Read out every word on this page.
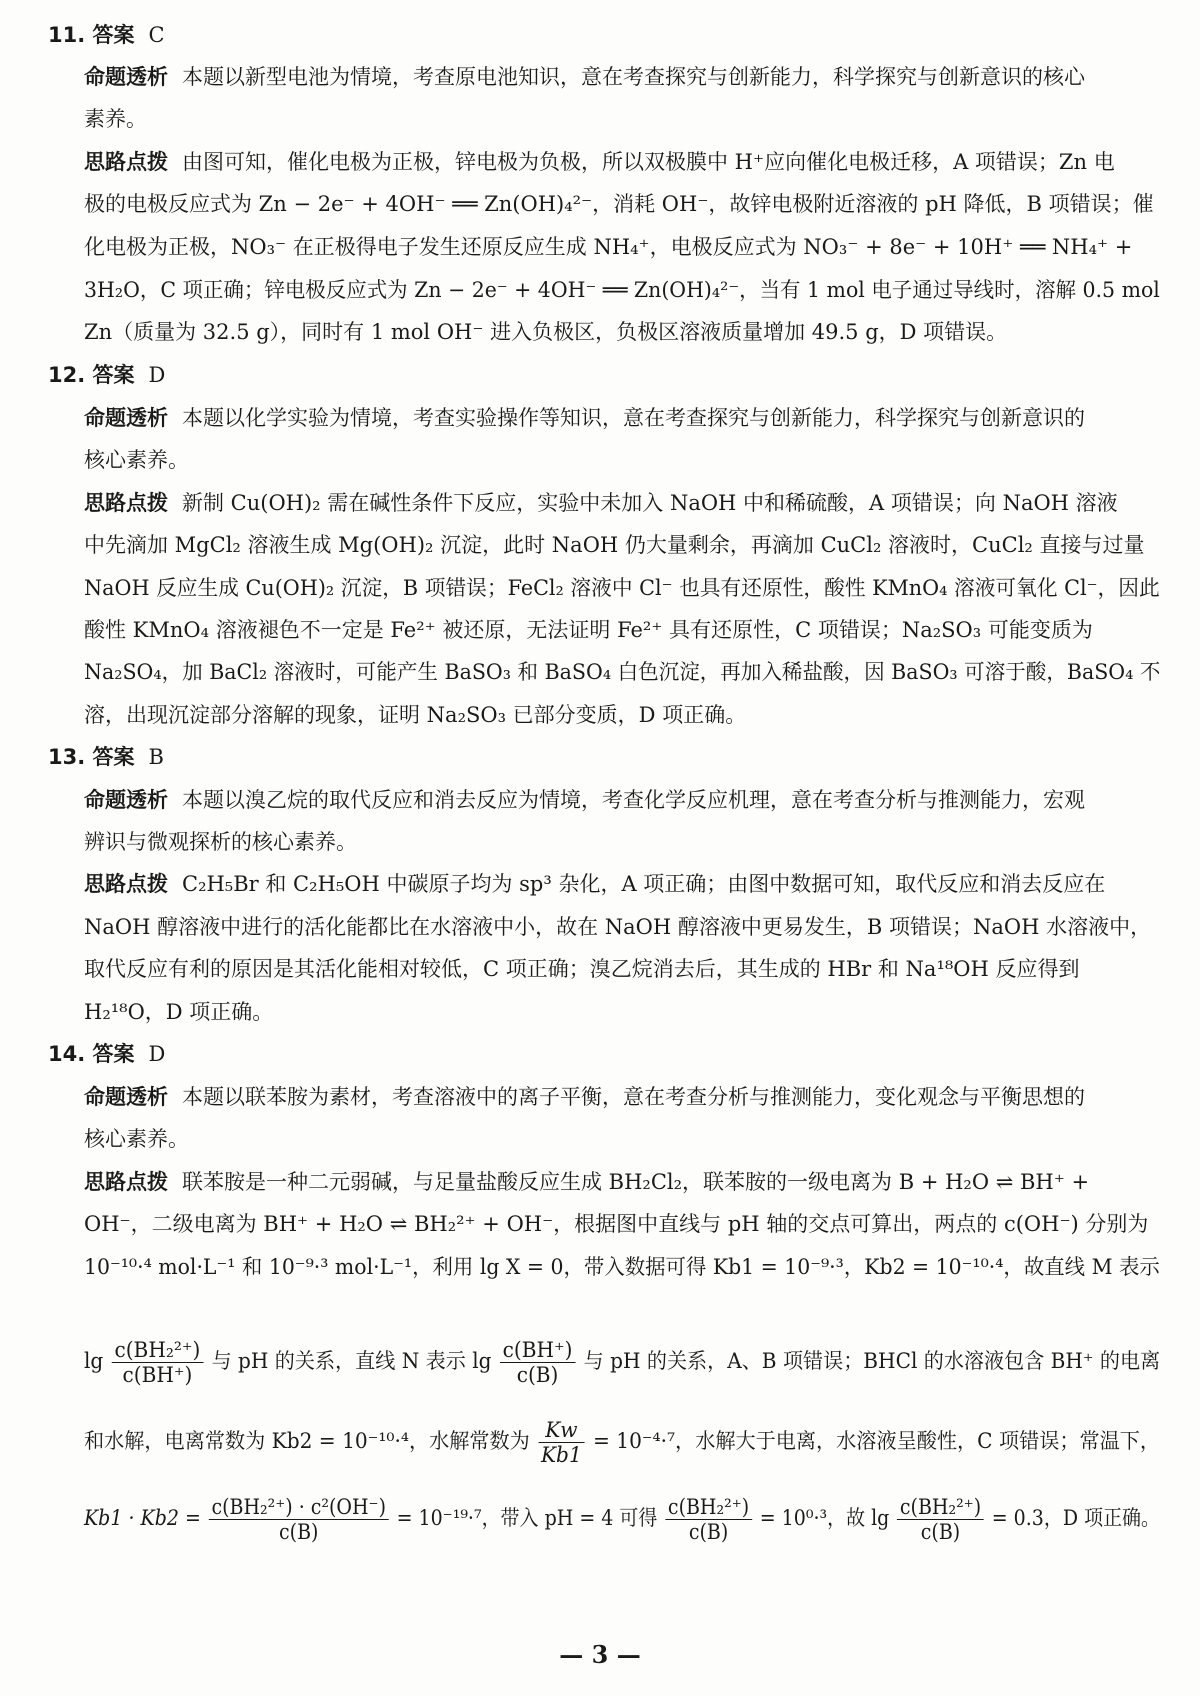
11. 答案 C
命题透析 本题以新型电池为情境，考查原电池知识，意在考查探究与创新能力，科学探究与创新意识的核心
素养。
思路点拨 由图可知，催化电极为正极，锌电极为负极，所以双极膜中 H⁺应向催化电极迁移，A 项错误；Zn 电
极的电极反应式为 Zn − 2e⁻ + 4OH⁻ ══ Zn(OH)₄²⁻，消耗 OH⁻，故锌电极附近溶液的 pH 降低，B 项错误；催
化电极为正极，NO₃⁻ 在正极得电子发生还原反应生成 NH₄⁺，电极反应式为 NO₃⁻ + 8e⁻ + 10H⁺ ══ NH₄⁺ +
3H₂O，C 项正确；锌电极反应式为 Zn − 2e⁻ + 4OH⁻ ══ Zn(OH)₄²⁻，当有 1 mol 电子通过导线时，溶解 0.5 mol
Zn（质量为 32.5 g），同时有 1 mol OH⁻ 进入负极区，负极区溶液质量增加 49.5 g，D 项错误。
12. 答案 D
命题透析 本题以化学实验为情境，考查实验操作等知识，意在考查探究与创新能力，科学探究与创新意识的
核心素养。
思路点拨 新制 Cu(OH)₂ 需在碱性条件下反应，实验中未加入 NaOH 中和稀硫酸，A 项错误；向 NaOH 溶液
中先滴加 MgCl₂ 溶液生成 Mg(OH)₂ 沉淀，此时 NaOH 仍大量剩余，再滴加 CuCl₂ 溶液时，CuCl₂ 直接与过量
NaOH 反应生成 Cu(OH)₂ 沉淀，B 项错误；FeCl₂ 溶液中 Cl⁻ 也具有还原性，酸性 KMnO₄ 溶液可氧化 Cl⁻，因此
酸性 KMnO₄ 溶液褪色不一定是 Fe²⁺ 被还原，无法证明 Fe²⁺ 具有还原性，C 项错误；Na₂SO₃ 可能变质为
Na₂SO₄，加 BaCl₂ 溶液时，可能产生 BaSO₃ 和 BaSO₄ 白色沉淀，再加入稀盐酸，因 BaSO₃ 可溶于酸，BaSO₄ 不
溶，出现沉淀部分溶解的现象，证明 Na₂SO₃ 已部分变质，D 项正确。
13. 答案 B
命题透析 本题以溴乙烷的取代反应和消去反应为情境，考查化学反应机理，意在考查分析与推测能力，宏观
辨识与微观探析的核心素养。
思路点拨 C₂H₅Br 和 C₂H₅OH 中碳原子均为 sp³ 杂化，A 项正确；由图中数据可知，取代反应和消去反应在
NaOH 醇溶液中进行的活化能都比在水溶液中小，故在 NaOH 醇溶液中更易发生，B 项错误；NaOH 水溶液中，
取代反应有利的原因是其活化能相对较低，C 项正确；溴乙烷消去后，其生成的 HBr 和 Na¹⁸OH 反应得到
H₂¹⁸O，D 项正确。
14. 答案 D
命题透析 本题以联苯胺为素材，考查溶液中的离子平衡，意在考查分析与推测能力，变化观念与平衡思想的
核心素养。
思路点拨 联苯胺是一种二元弱碱，与足量盐酸反应生成 BH₂Cl₂，联苯胺的一级电离为 B + H₂O ⇌ BH⁺ +
OH⁻，二级电离为 BH⁺ + H₂O ⇌ BH₂²⁺ + OH⁻，根据图中直线与 pH 轴的交点可算出，两点的 c(OH⁻) 分别为
10⁻¹⁰·⁴ mol·L⁻¹ 和 10⁻⁹·³ mol·L⁻¹，利用 lg X = 0，带入数据可得 Kb1 = 10⁻⁹·³，Kb2 = 10⁻¹⁰·⁴，故直线 M 表示
$\lg \frac{\text{c(BH₂²⁺)}}{c(BH^+)}$ 与 pH 的关系，直线 N 表示 $\lg \frac{c(BH^+)}{c(B)}$ 与 pH 的关系，A、B 项错误；BHCl 的水溶液包含 BH⁺ 的电离
和水解，电离常数为 Kb2 = 10⁻¹⁰·⁴，水解常数为 $\frac{Kw}{Kb1} = 10^{-4}\cdot^7$，水解大于电离，水溶液呈酸性，C 项错误；常温下，
$Kb1 \cdot Kb2 = \frac{\text{c(BH₂²⁺) · c²(OH⁻)}}{c(B)} = 10^{-19}\cdot^7$，带入 pH = 4 可得 $\frac{\text{c(BH₂²⁺)}}{c(B)} = 10^0\cdot^3$，故 $\lg \frac{\text{c(BH₂²⁺)}}{c(B)} = 0.3$，D 项正确。
— 3 —
